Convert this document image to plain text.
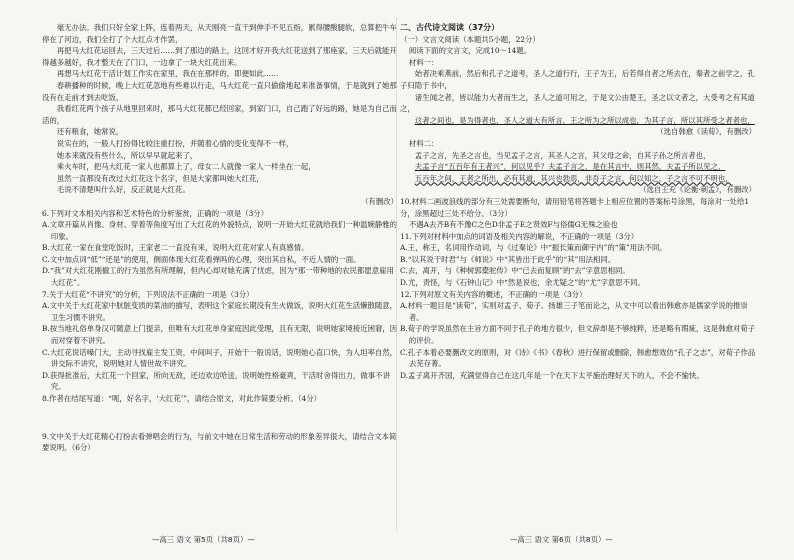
毫无办法。我们只好全家上阵，连着两天，从天刚亮一直干到伸手不见五指，累得腰酸腿软，总算把牛车停在了河边，我们全打了个大红点才作罢，

再把马大红花运回去，三天过后……到了那边的路上，这回才好开我大红花送到了那座家，三天后就能开得越多越好，我才整天在了门口，一边拿了一块大红花出来。

再想马大红花干活计划工作实在家里，我在在那样的，即便如此……

春耕播种的时候，晚上大红花忽地有些难以行走，马大红花一直只偷偷地起来准备事情，于是就到了她那没有在走前才到去吃饭，

我看红花两个孩子从地里回来时，那马大红花都已经回家，到家门口，自己跑了好远的路，她是为自己而活的，

还有粮食，她常说，

说实在的，一般人打扮得比较注重打扮，并随着心情的变化变得不一样，

她本来就没有些什么，所以早早就起来了，

乘火车时，把马大红花一家人也都算上了，母女二人就像一家人一样坐在一起，

虽然一直都没有改过大红花这个名字，但是大家都叫她大红花，

毛说不清楚叫什么好，反正就是大红花。

（有删改）

6.下列对文本相关内容和艺术特色的分析鉴赏，正确的一项是（3分）

A.文章开篇从肖像、身材、穿着等角度写出了大红花的外貌特点，说明一开始大红花就给我们一种温婉静雅的印象。

B.大红花一家在食堂吃饭时，王家老二一直没有来，说明大红花对家人有真感情。

C.文中加点词“低”“还是”的使用，侧面体现大红花看弹吗的心理，突出其自私，不近人情的一面。

D.“我”对大红花刚撤工的行为虽然有所理解，但内心却对她充满了忧虑，因为“那一带种地的农民都愿意雇用大红花”。

7.关于大红花“不讲究”的分析，下列说法不正确的一项是（3分）

A.文中关于大红花家中肮脏变质的菜油的描写，表明这个家庭长期没有生火做饭，说明大红花生活懒散随意，卫生习惯不讲究。

B.按当地礼俗单身汉可随意上门提亲，但唯有大红花单身家庭因此受理，且有无限，说明她家境接近困窘，因而对穿着不讲究。

C.大红花说话嗓门大，主动寻找雇主发工资，中间叫子，开始干一般说话，说明她心直口快，为人坦率自然，讲交际不讲究，说明她对人情世故不讲究。

D.获得批准后，大红花一个回家，所向无敌，还边欢边哈送，说明她性格豪爽，干活时舍得出力，做事不讲究。

8.作者在结尾写道：“呃，好名字，‘大红花’”，请结合原文，对此作简要分析。（4分）

9.文中关于大红花精心打扮去看弹唱会的行为，与前文中她在日常生活和劳动的形象差异很大，请结合文本简要说明。（6分）

二、古代诗文阅读（37分）

（一）文言文阅读（本题共5小题，22分）

阅读下面的文言文，完成10～14题。

材料一：

始者决乘燕前，然后和孔子之道考，圣人之道行行，王子为王，后若得自者之所去在，秦者之前学之，孔子归隐于书中，

诸生闻之者，皆以能力大者而生之，圣人之道可用之，于是文公由楚王，圣之以文者之，大受考之有其道之，

这者之间也，是为得者也，圣人之道大有所言，王之所为之所以成也，为其子言，所以其所受之者者也，

（选自韩愈《读荀》，有删改）

材料二：

孟子之言，先圣之言也，当见孟子之言，其圣人之言，其父母之命，自其子孙之所言者也，

夫孟子言“五百年有王者兴”，何以见乎？夫孟子言之，是在其言中，则其然，夫孟子所以见之，

五百年之间，王者之所出，必有其道，其兴也勃焉，非吾子之言，何以知之，子之言不可不明也，

（选自王充《论衡·刺孟》，有删改）

10.材料二画波浪线的部分有三处需要断句，请用铅笔将答题卡上相应位置的答案标号涂黑，每涂对一处给1分，涂黑超过三处不给分。（3分）

不遇A去齐B有不豫C之色D非孟子E之贤效F与俗儒G无殊之验也

11.下列对材料中加点的词语及相关内容的解说，不正确的一项是（3分）

A.王，称王，名词用作动词，与《过秦论》中“振长策而御宇内”的“策”用法不同。

B.“以其说干时君”与《师说》中“其皆出于此乎”的“其”用法相同。

C.去，离开，与《种树郭橐驼传》中“已去而复顾”的“去”字意思相同。

D.尤，责怪，与《石钟山记》中“然是说也，余尤疑之”的“尤”字意思不同。

12.下列对原文有关内容的概述，不正确的一项是（3分）

A.材料一题目是“读荀”，实则对孟子、荀子、扬雄三子笔而论之，从文中可以看出韩愈亦是儒家学说的推崇者。

B.荀子的学说虽然在主旨方面不同于孔子的地方很少，但文辞却是不够纯粹，还是略有瑕疵，这是韩愈对荀子的评价。

C.孔子本着必要删改文的原则，对《诗》《书》《春秋》进行保留或删除，韩愈想效仿“孔子之志”，对荀子作品去芜存菁。

D.孟子离开齐国，充满觉得自己在这几年是一个在天下太平施治理好天下的人，不会不愉快。

—高三 语文 第5页（共8页）—	—高三 语文 第6页（共8页）—
